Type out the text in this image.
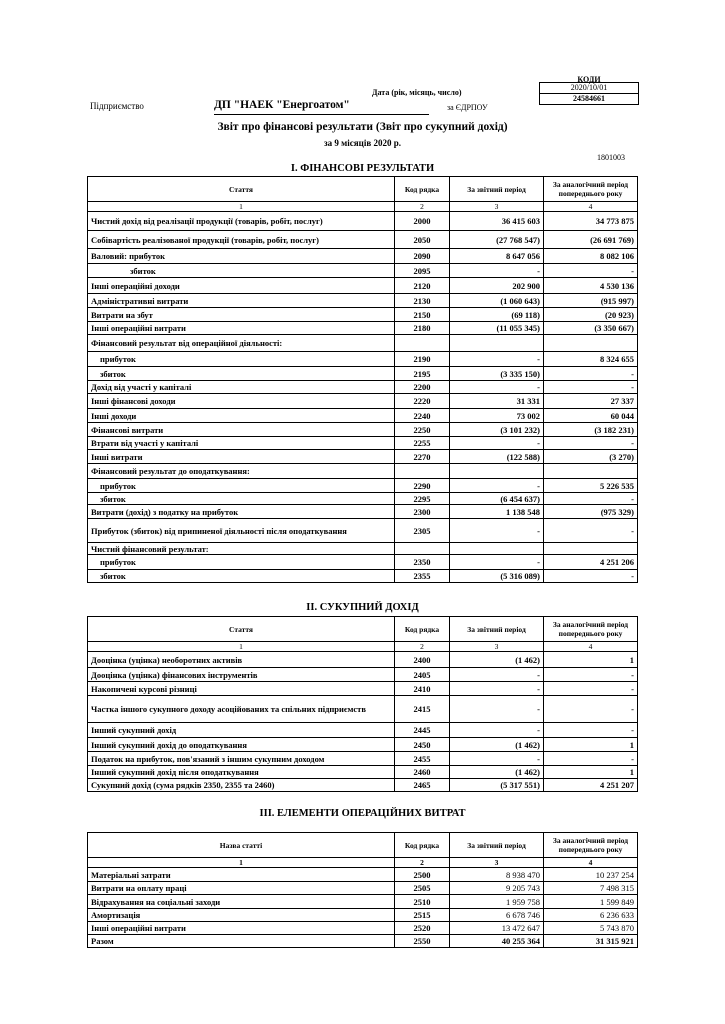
КОДИ
2020/10/01
24584661
Дата (рік, місяць, число)
за ЄДРПОУ
Підприємство	ДП "НАЕК "Енергоатом"
Звіт про фінансові результати (Звіт про сукупний дохід)
за 9 місяців 2020 р.
1801003
І. ФІНАНСОВІ РЕЗУЛЬТАТИ
Стаття	Код рядка	За звітний період	За аналогічний період попереднього року
1	2	3	4
Чистий дохід від реалізації продукції (товарів, робіт, послуг)	2000	36 415 603	34 773 875
Собівартість реалізованої продукції (товарів, робіт, послуг)	2050	(27 768 547)	(26 691 769)
Валовий: прибуток	2090	8 647 056	8 082 106
збиток	2095	-	-
Інші операційні доходи	2120	202 900	4 530 136
Адміністративні витрати	2130	(1 060 643)	(915 997)
Витрати на збут	2150	(69 118)	(20 923)
Інші операційні витрати	2180	(11 055 345)	(3 350 667)
Фінансовий результат від операційної діяльності:			
прибуток	2190	-	8 324 655
збиток	2195	(3 335 150)	-
Дохід від участі у капіталі	2200	-	-
Інші фінансові доходи	2220	31 331	27 337
Інші доходи	2240	73 002	60 044
Фінансові витрати	2250	(3 101 232)	(3 182 231)
Втрати від участі у капіталі	2255	-	-
Інші витрати	2270	(122 588)	(3 270)
Фінансовий результат до оподаткування:			
прибуток	2290	-	5 226 535
збиток	2295	(6 454 637)	-
Витрати (дохід) з податку на прибуток	2300	1 138 548	(975 329)
Прибуток (збиток) від припиненої діяльності після оподаткування	2305	-	-
Чистий фінансовий результат:			
прибуток	2350	-	4 251 206
збиток	2355	(5 316 089)	-
ІІ. СУКУПНИЙ ДОХІД
Стаття	Код рядка	За звітний період	За аналогічний період попереднього року
1	2	3	4
Дооцінка (уцінка) необоротних активів	2400	(1 462)	1
Дооцінка (уцінка) фінансових інструментів	2405	-	-
Накопичені курсові різниці	2410	-	-
Частка іншого сукупного доходу асоційованих та спільних підприємств	2415	-	-
Інший сукупний дохід	2445	-	-
Інший сукупний дохід до оподаткування	2450	(1 462)	1
Податок на прибуток, пов'язаний з іншим сукупним доходом	2455	-	-
Інший сукупний дохід після оподаткування	2460	(1 462)	1
Сукупний дохід (сума рядків 2350, 2355 та 2460)	2465	(5 317 551)	4 251 207
ІІІ. ЕЛЕМЕНТИ ОПЕРАЦІЙНИХ ВИТРАТ
Назва статті	Код рядка	За звітний період	За аналогічний період попереднього року
1	2	3	4
Матеріальні затрати	2500	8 938 470	10 237 254
Витрати на оплату праці	2505	9 205 743	7 498 315
Відрахування на соціальні заходи	2510	1 959 758	1 599 849
Амортизація	2515	6 678 746	6 236 633
Інші операційні витрати	2520	13 472 647	5 743 870
Разом	2550	40 255 364	31 315 921
